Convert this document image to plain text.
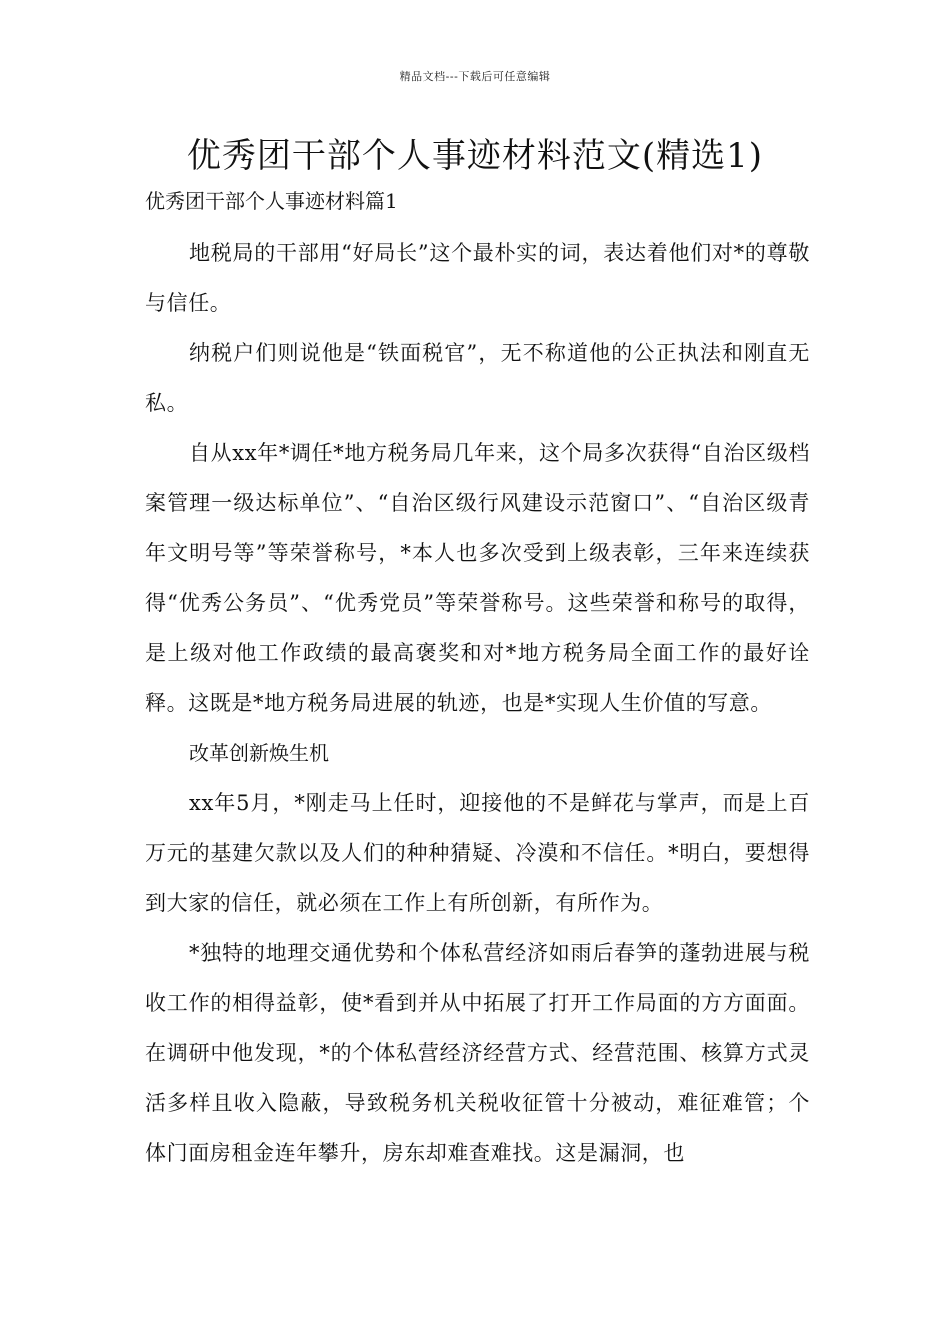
精品文档---下载后可任意编辑
优秀团干部个人事迹材料范文(精选1)

优秀团干部个人事迹材料篇1

地税局的干部用“好局长”这个最朴实的词，表达着他们对*的尊敬与信任。

纳税户们则说他是“铁面税官”，无不称道他的公正执法和刚直无私。

自从xx年*调任*地方税务局几年来，这个局多次获得“自治区级档案管理一级达标单位”、“自治区级行风建设示范窗口”、“自治区级青年文明号等”等荣誉称号，*本人也多次受到上级表彰，三年来连续获得“优秀公务员”、“优秀党员”等荣誉称号。这些荣誉和称号的取得，是上级对他工作政绩的最高褒奖和对*地方税务局全面工作的最好诠释。这既是*地方税务局进展的轨迹，也是*实现人生价值的写意。

改革创新焕生机

xx年5月，*刚走马上任时，迎接他的不是鲜花与掌声，而是上百万元的基建欠款以及人们的种种猜疑、冷漠和不信任。*明白，要想得到大家的信任，就必须在工作上有所创新，有所作为。

*独特的地理交通优势和个体私营经济如雨后春笋的蓬勃进展与税收工作的相得益彰，使*看到并从中拓展了打开工作局面的方方面面。在调研中他发现，*的个体私营经济经营方式、经营范围、核算方式灵活多样且收入隐蔽，导致税务机关税收征管十分被动，难征难管；个体门面房租金连年攀升，房东却难查难找。这是漏洞，也
